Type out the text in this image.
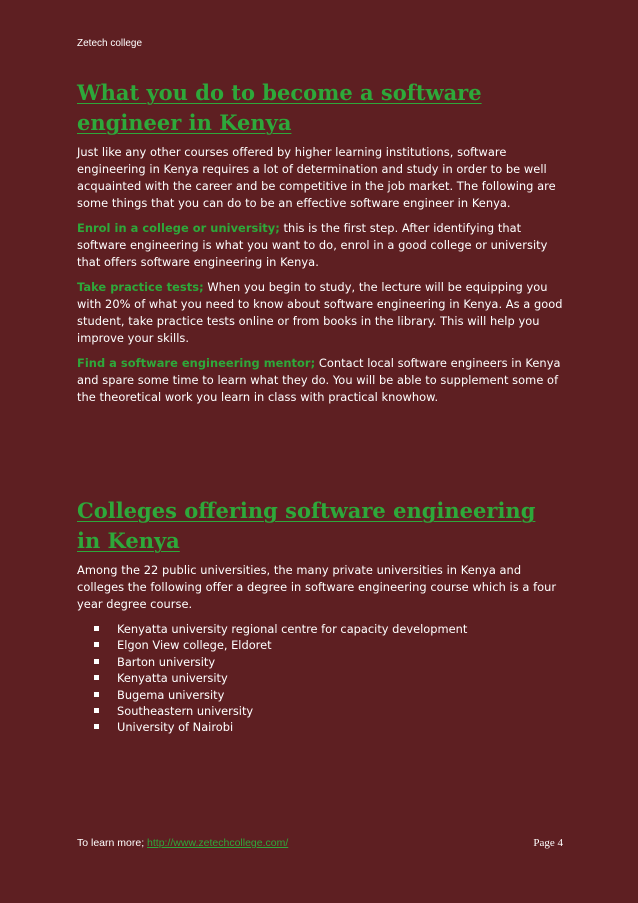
Zetech college
What you do to become a software engineer in Kenya

Just like any other courses offered by higher learning institutions, software engineering in Kenya requires a lot of determination and study in order to be well acquainted with the career and be competitive in the job market. The following are some things that you can do to be an effective software engineer in Kenya.

Enrol in a college or university; this is the first step. After identifying that software engineering is what you want to do, enrol in a good college or university that offers software engineering in Kenya.

Take practice tests; When you begin to study, the lecture will be equipping you with 20% of what you need to know about software engineering in Kenya. As a good student, take practice tests online or from books in the library. This will help you improve your skills.

Find a software engineering mentor; Contact local software engineers in Kenya and spare some time to learn what they do. You will be able to supplement some of the theoretical work you learn in class with practical knowhow.

Colleges offering software engineering in Kenya

Among the 22 public universities, the many private universities in Kenya and colleges the following offer a degree in software engineering course which is a four year degree course.

Kenyatta university regional centre for capacity development
Elgon View college, Eldoret
Barton university
Kenyatta university
Bugema university
Southeastern university
University of Nairobi
To learn more; http://www.zetechcollege.com/	Page 4
